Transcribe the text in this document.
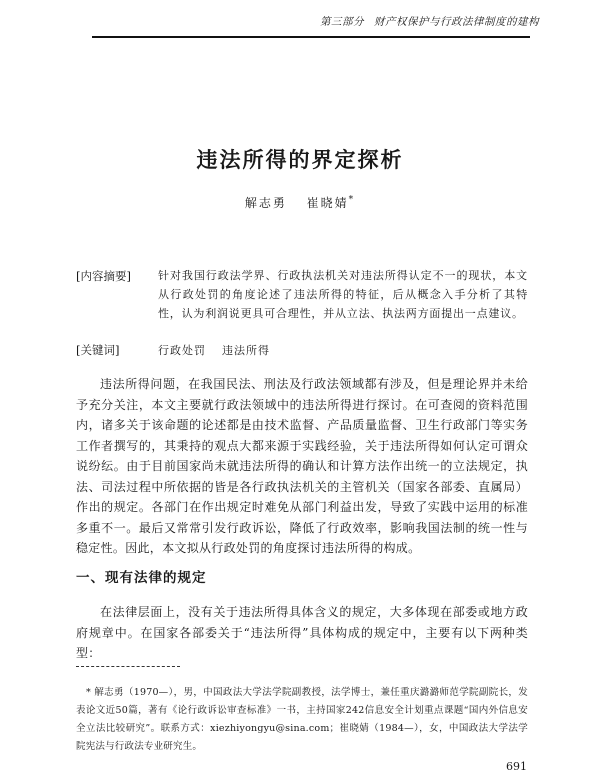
第三部分 财产权保护与行政法律制度的建构
违法所得的界定探析
解志勇 崔晓婧*
[内容摘要] 针对我国行政法学界、行政执法机关对违法所得认定不一的现状，本文从行政处罚的角度论述了违法所得的特征，后从概念入手分析了其特性，认为利润说更具可合理性，并从立法、执法两方面提出一点建议。
[关键词]	行政处罚 违法所得

违法所得问题，在我国民法、刑法及行政法领域都有涉及，但是理论界并未给予充分关注，本文主要就行政法领域中的违法所得进行探讨。在可查阅的资料范围内，诸多关于该命题的论述都是由技术监督、产品质量监督、卫生行政部门等实务工作者撰写的，其秉持的观点大都来源于实践经验，关于违法所得如何认定可谓众说纷纭。由于目前国家尚未就违法所得的确认和计算方法作出统一的立法规定，执法、司法过程中所依据的皆是各行政执法机关的主管机关（国家各部委、直属局）作出的规定。各部门在作出规定时难免从部门利益出发，导致了实践中运用的标准多重不一。最后又常常引发行政诉讼，降低了行政效率，影响我国法制的统一性与稳定性。因此，本文拟从行政处罚的角度探讨违法所得的构成。

一、现有法律的规定

在法律层面上，没有关于违法所得具体含义的规定，大多体现在部委或地方政府规章中。在国家各部委关于“违法所得”具体构成的规定中，主要有以下两种类型：

* 解志勇（1970—），男，中国政法大学法学院副教授，法学博士，兼任重庆潞潞师范学院副院长，发表论文近50篇，著有《论行政诉讼审查标准》一书，主持国家242信息安全计划重点课题“国内外信息安全立法比较研究”。联系方式：xiezhiyongyu@sina.com；崔晓婧（1984—），女，中国政法大学法学院宪法与行政法专业研究生。

691
